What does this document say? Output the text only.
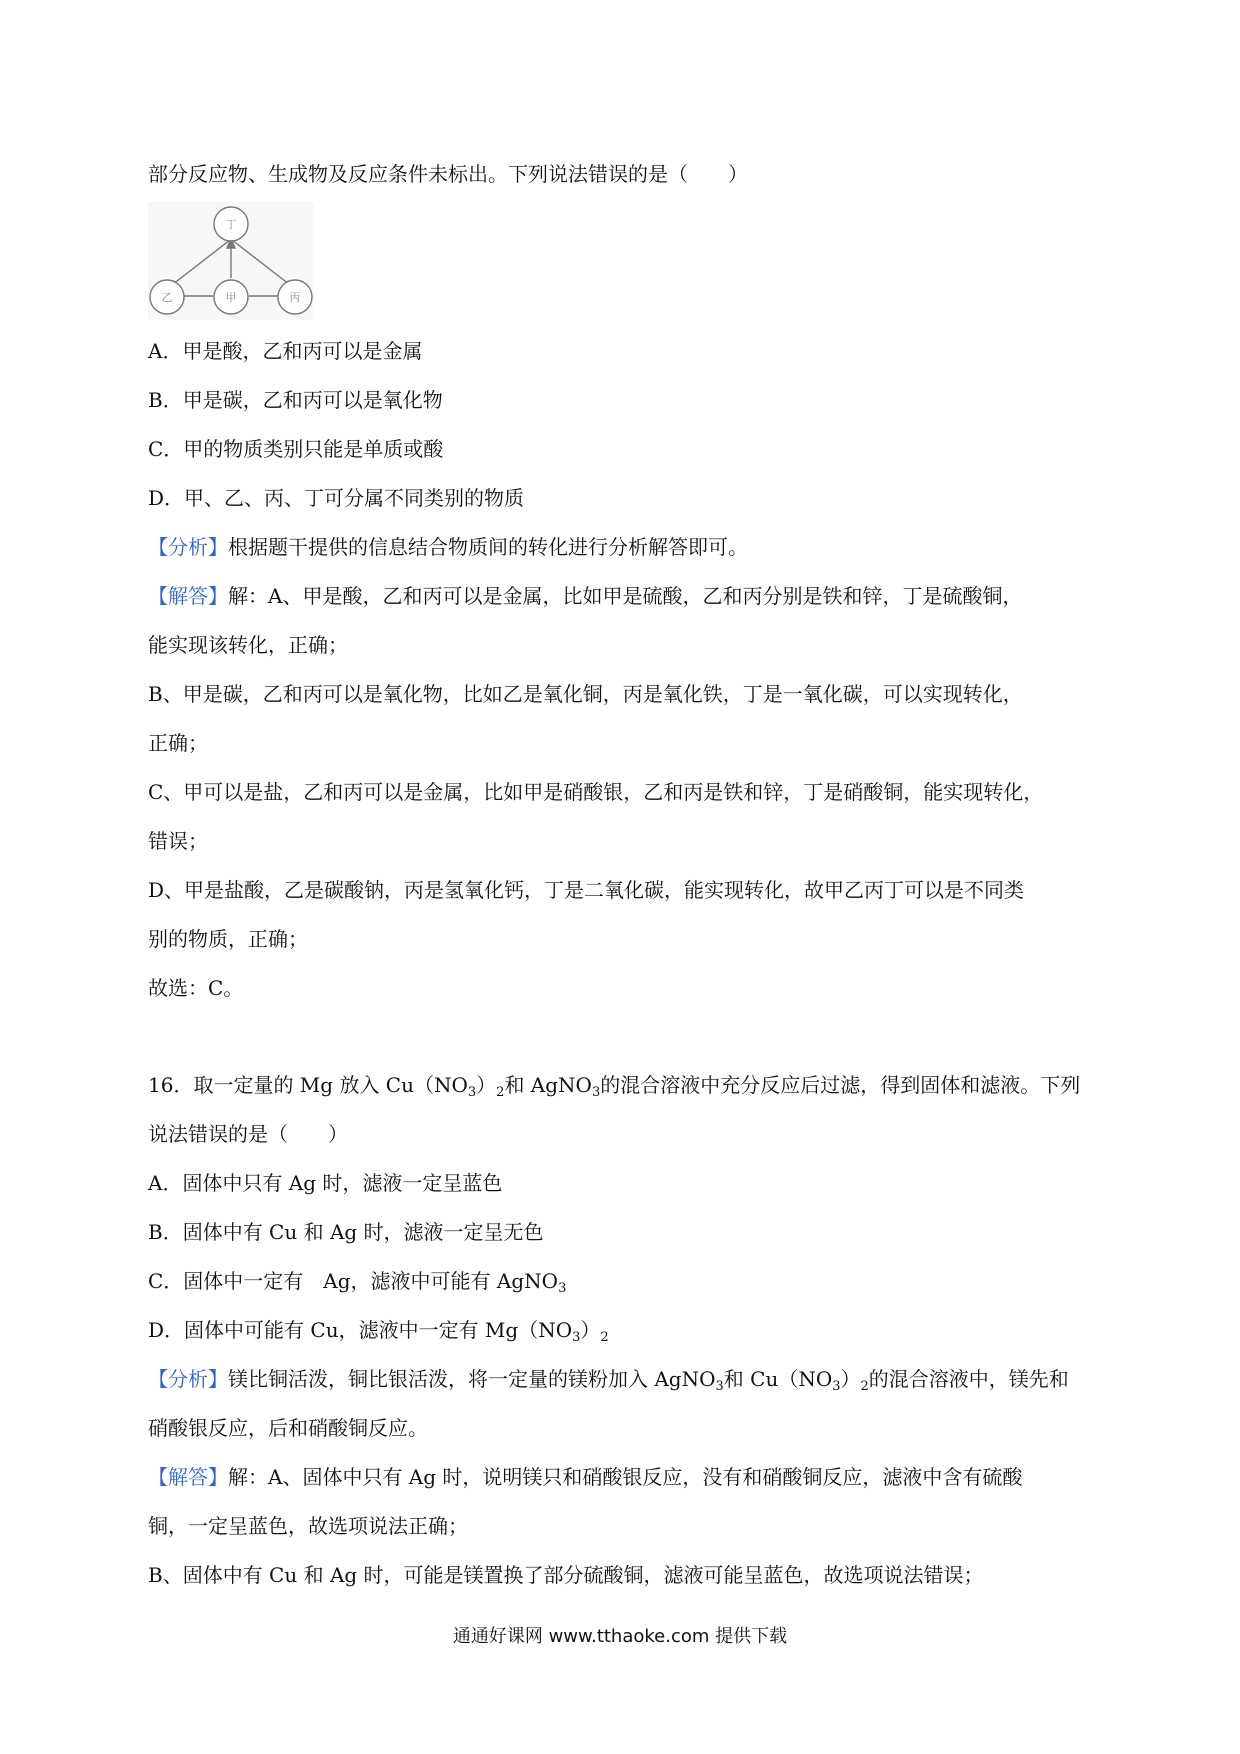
部分反应物、生成物及反应条件未标出。下列说法错误的是（　　）
丁
乙	甲	丙
A．甲是酸，乙和丙可以是金属
B．甲是碳，乙和丙可以是氧化物
C．甲的物质类别只能是单质或酸
D．甲、乙、丙、丁可分属不同类别的物质
【分析】根据题干提供的信息结合物质间的转化进行分析解答即可。
【解答】解：A、甲是酸，乙和丙可以是金属，比如甲是硫酸，乙和丙分别是铁和锌，丁是硫酸铜，
能实现该转化，正确；
B、甲是碳，乙和丙可以是氧化物，比如乙是氧化铜，丙是氧化铁，丁是一氧化碳，可以实现转化，
正确；
C、甲可以是盐，乙和丙可以是金属，比如甲是硝酸银，乙和丙是铁和锌，丁是硝酸铜，能实现转化，
错误；
D、甲是盐酸，乙是碳酸钠，丙是氢氧化钙，丁是二氧化碳，能实现转化，故甲乙丙丁可以是不同类
别的物质，正确；
故选：C。
16．取一定量的 Mg 放入 $Cu(NO_3)_2$和 AgNO$_3$的混合溶液中充分反应后过滤，得到固体和滤液。下列
说法错误的是（　　）
A．固体中只有 Ag 时，滤液一定呈蓝色
B．固体中有 Cu 和 Ag 时，滤液一定呈无色
C．固体中一定有　Ag，滤液中可能有 AgNO$_3$
D．固体中可能有 Cu，滤液中一定有 $Mg(NO_3)_2$
【分析】镁比铜活泼，铜比银活泼，将一定量的镁粉加入 AgNO$_3$和 $Cu(NO_3)_2$的混合溶液中，镁先和
硝酸银反应，后和硝酸铜反应。
【解答】解：A、固体中只有 Ag 时，说明镁只和硝酸银反应，没有和硝酸铜反应，滤液中含有硫酸
铜，一定呈蓝色，故选项说法正确；
B、固体中有 Cu 和 Ag 时，可能是镁置换了部分硫酸铜，滤液可能呈蓝色，故选项说法错误；
通通好课网 www.tthaoke.com 提供下载
